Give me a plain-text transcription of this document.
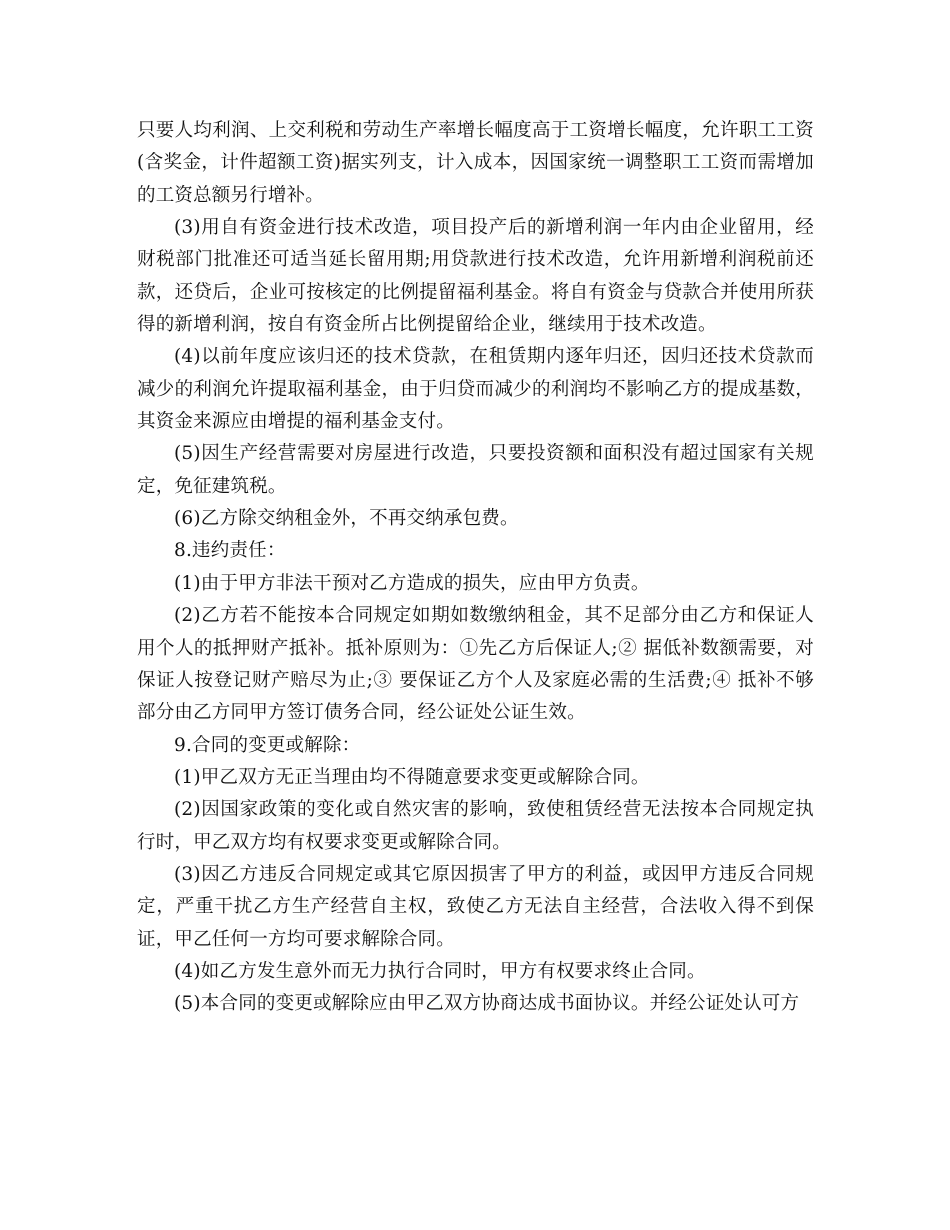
只要人均利润、上交利税和劳动生产率增长幅度高于工资增长幅度，允许职工工资(含奖金，计件超额工资)据实列支，计入成本，因国家统一调整职工工资而需增加的工资总额另行增补。

(3)用自有资金进行技术改造，项目投产后的新增利润一年内由企业留用，经财税部门批准还可适当延长留用期;用贷款进行技术改造，允许用新增利润税前还款，还贷后，企业可按核定的比例提留福利基金。将自有资金与贷款合并使用所获得的新增利润，按自有资金所占比例提留给企业，继续用于技术改造。

(4)以前年度应该归还的技术贷款，在租赁期内逐年归还，因归还技术贷款而减少的利润允许提取福利基金，由于归贷而减少的利润均不影响乙方的提成基数，其资金来源应由增提的福利基金支付。

(5)因生产经营需要对房屋进行改造，只要投资额和面积没有超过国家有关规定，免征建筑税。

(6)乙方除交纳租金外，不再交纳承包费。

8.违约责任：

(1)由于甲方非法干预对乙方造成的损失，应由甲方负责。

(2)乙方若不能按本合同规定如期如数缴纳租金，其不足部分由乙方和保证人用个人的抵押财产抵补。抵补原则为：①先乙方后保证人;② 据低补数额需要，对保证人按登记财产赔尽为止;③ 要保证乙方个人及家庭必需的生活费;④ 抵补不够部分由乙方同甲方签订债务合同，经公证处公证生效。

9.合同的变更或解除：

(1)甲乙双方无正当理由均不得随意要求变更或解除合同。

(2)因国家政策的变化或自然灾害的影响，致使租赁经营无法按本合同规定执行时，甲乙双方均有权要求变更或解除合同。

(3)因乙方违反合同规定或其它原因损害了甲方的利益，或因甲方违反合同规定，严重干扰乙方生产经营自主权，致使乙方无法自主经营，合法收入得不到保证，甲乙任何一方均可要求解除合同。

(4)如乙方发生意外而无力执行合同时，甲方有权要求终止合同。

(5)本合同的变更或解除应由甲乙双方协商达成书面协议。并经公证处认可方
